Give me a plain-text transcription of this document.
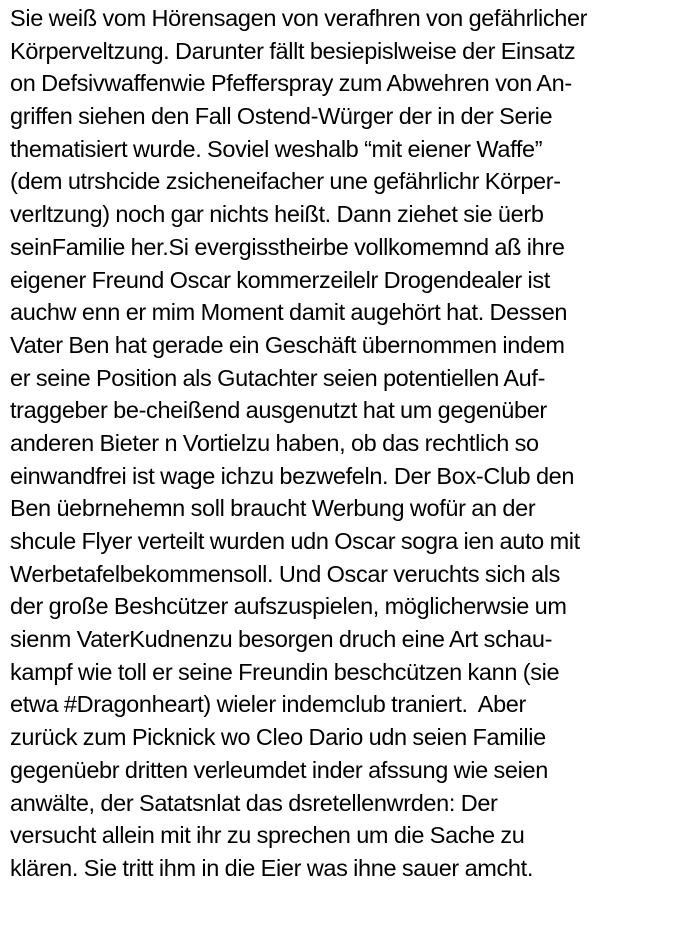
Sie weiß vom Hörensagen von verafhren von gefährlicher
Körperveltzung. Darunter fällt besiepislweise der Einsatz
on Defsivwaffenwie Pfefferspray zum Abwehren von An-
griffen siehen den Fall Ostend-Würger der in der Serie
thematisiert wurde. Soviel weshalb “mit eiener Waffe”
(dem utrshcide zsicheneifacher une gefährlichr Körper-
verltzung) noch gar nichts heißt. Dann ziehet sie üerb
seinFamilie her.Si evergisstheirbe vollkomemnd aß ihre
eigener Freund Oscar kommerzeilelr Drogendealer ist
auchw enn er mim Moment damit augehört hat. Dessen
Vater Ben hat gerade ein Geschäft übernommen indem
er seine Position als Gutachter seien potentiellen Auf-
traggeber be-cheißend ausgenutzt hat um gegenüber
anderen Bieter n Vortielzu haben, ob das rechtlich so
einwandfrei ist wage ichzu bezwefeln. Der Box-Club den
Ben üebrnehemn soll braucht Werbung wofür an der
shcule Flyer verteilt wurden udn Oscar sogra ien auto mit
Werbetafelbekommensoll. Und Oscar veruchts sich als
der große Beshcützer aufszuspielen, möglicherwsie um
sienm VaterKudnenzu besorgen druch eine Art schau-
kampf wie toll er seine Freundin beschcützen kann (sie
etwa #Dragonheart) wieler indemclub traniert.  Aber
zurück zum Picknick wo Cleo Dario udn seien Familie
gegenüebr dritten verleumdet inder afssung wie seien
anwälte, der Satatsnlat das dsretellenwrden: Der
versucht allein mit ihr zu sprechen um die Sache zu
klären. Sie tritt ihm in die Eier was ihne sauer amcht.
